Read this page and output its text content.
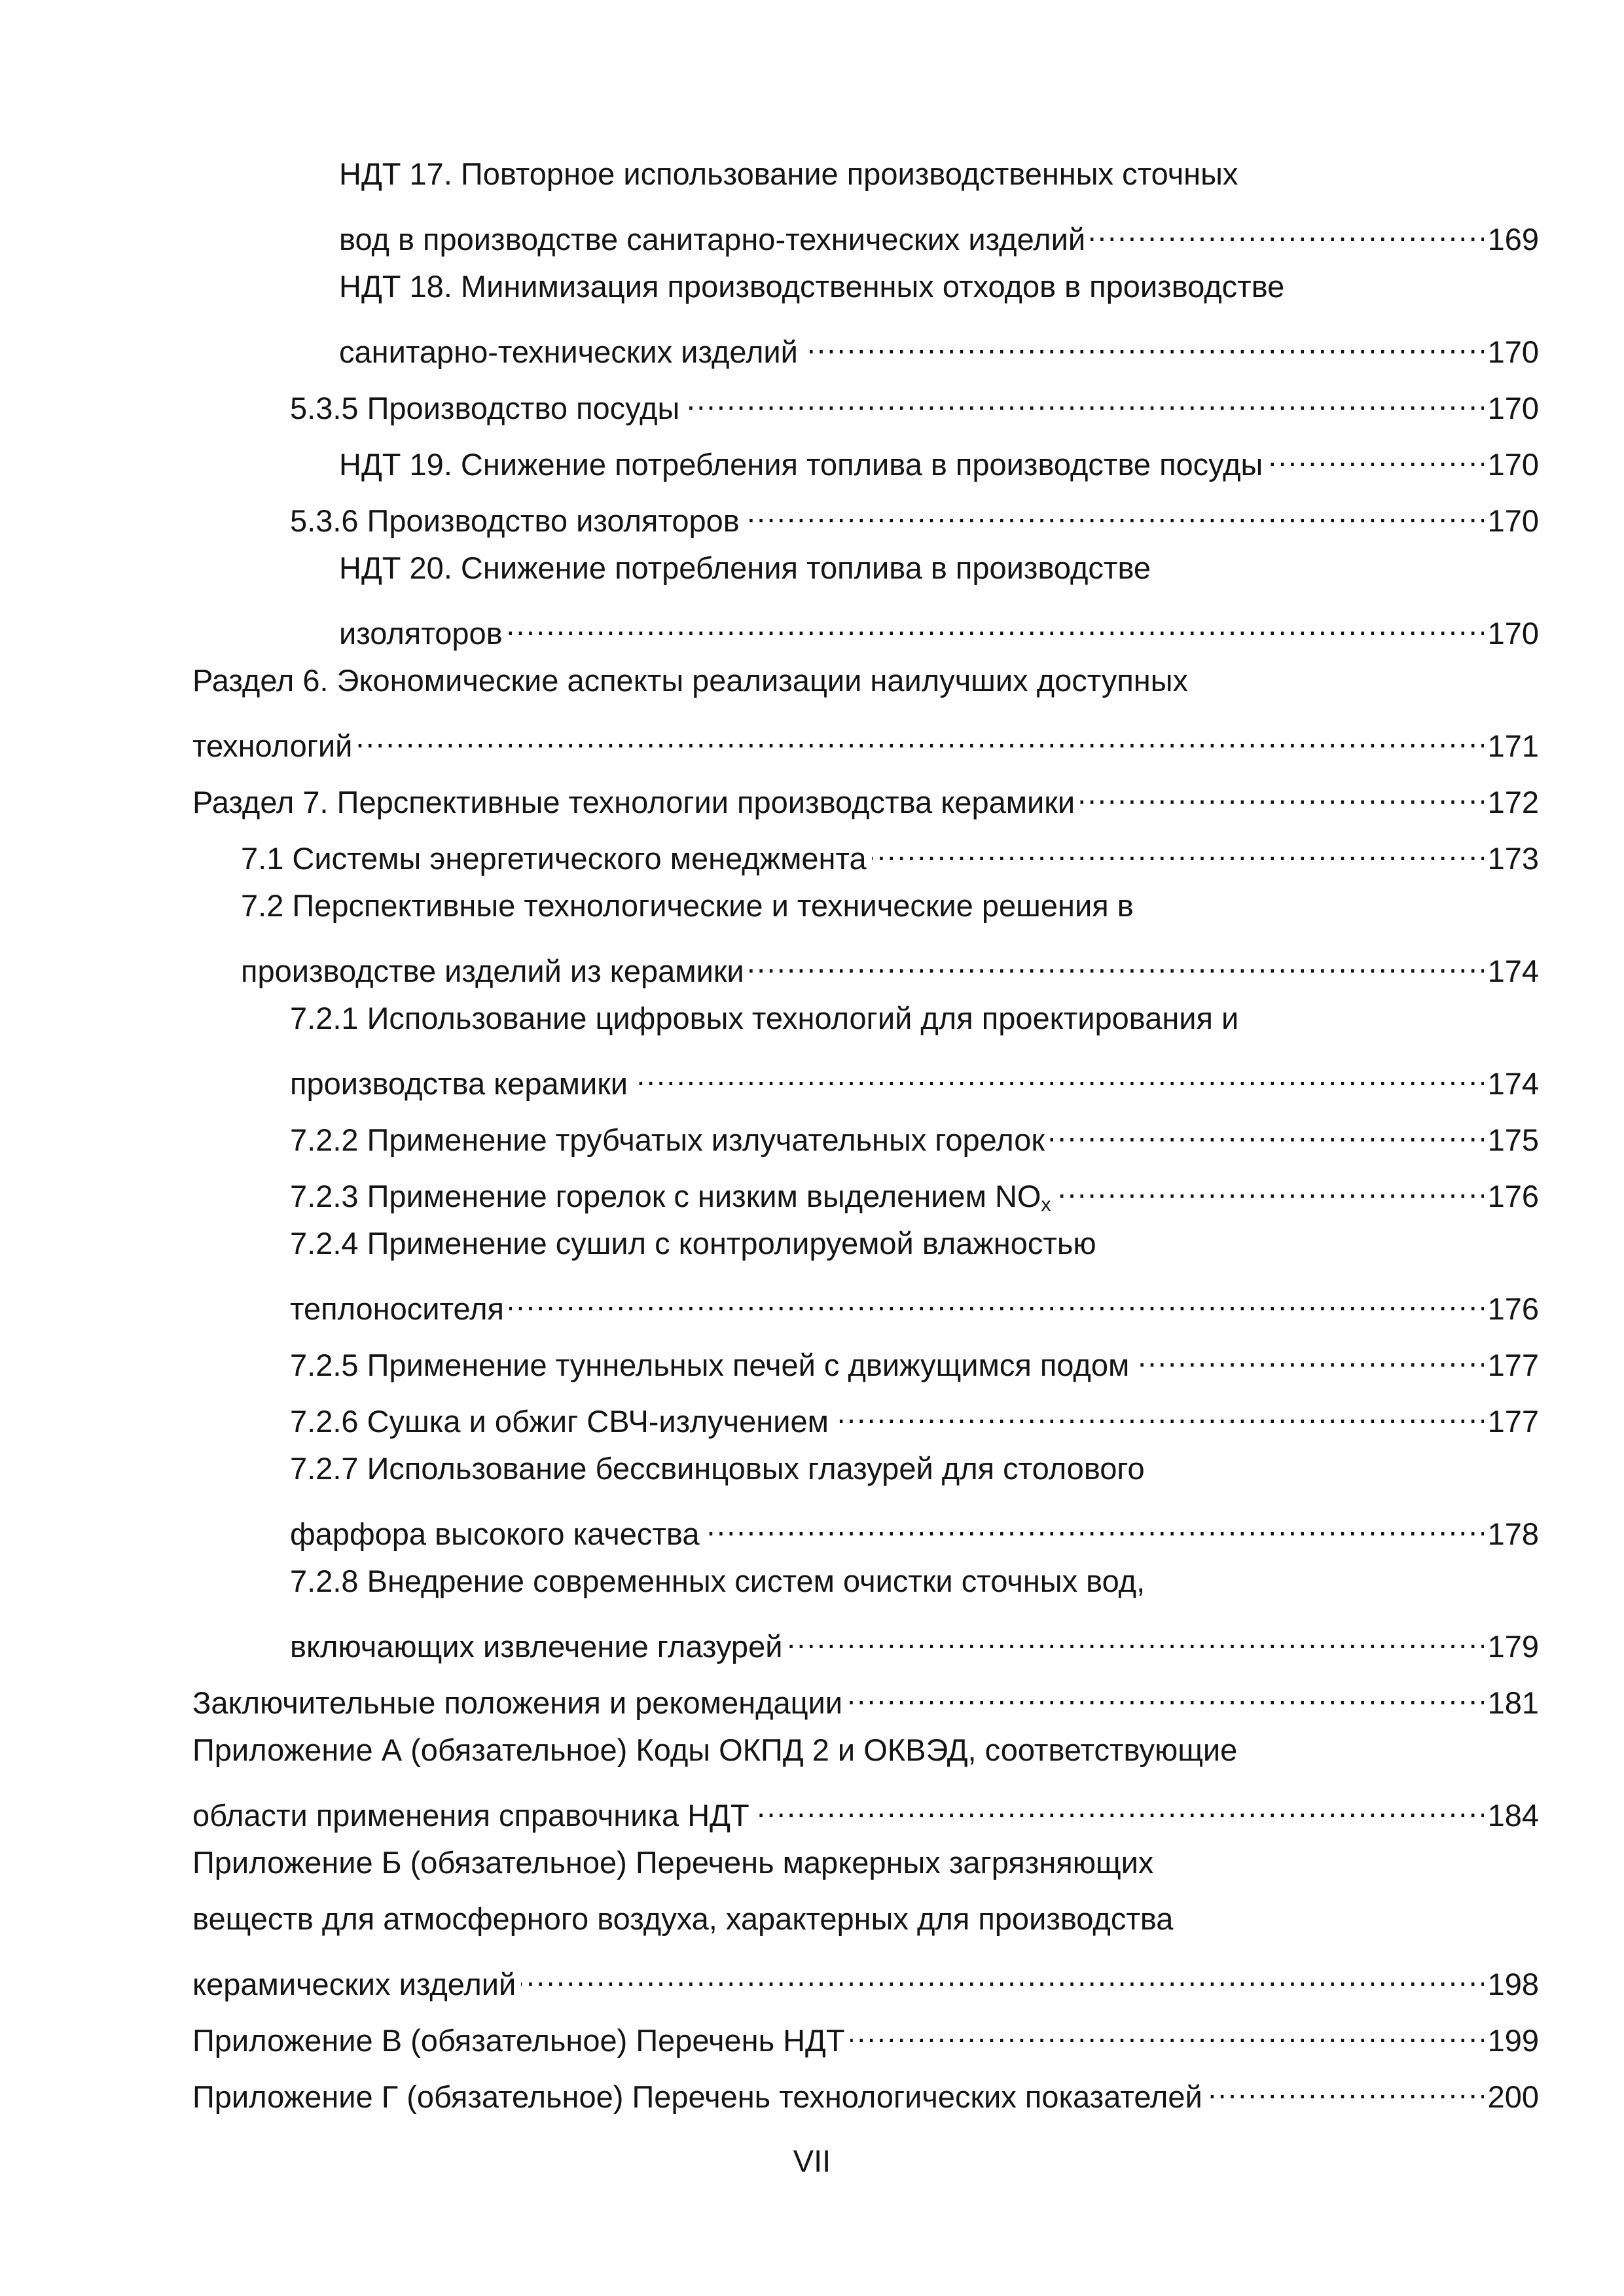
НДТ 17. Повторное использование производственных сточных
вод в производстве санитарно-технических изделий . . .	169
НДТ 18. Минимизация производственных отходов в производстве
санитарно-технических изделий . . .	170
5.3.5 Производство посуды . . .	170
НДТ 19. Снижение потребления топлива в производстве посуды . . .	170
5.3.6 Производство изоляторов . . .	170
НДТ 20. Снижение потребления топлива в производстве
изоляторов . . .	170
Раздел 6. Экономические аспекты реализации наилучших доступных
технологий . . .	171
Раздел 7. Перспективные технологии производства керамики . . .	172
7.1 Системы энергетического менеджмента . . .	173
7.2 Перспективные технологические и технические решения в
производстве изделий из керамики . . .	174
7.2.1 Использование цифровых технологий для проектирования и
производства керамики . . .	174
7.2.2 Применение трубчатых излучательных горелок . . .	175
7.2.3 Применение горелок с низким выделением $NO_x$ . . .	176
7.2.4 Применение сушил с контролируемой влажностью
теплоносителя . . .	176
7.2.5 Применение туннельных печей с движущимся подом . . .	177
7.2.6 Сушка и обжиг СВЧ-излучением . . .	177
7.2.7 Использование бессвинцовых глазурей для столового
фарфора высокого качества . . .	178
7.2.8 Внедрение современных систем очистки сточных вод,
включающих извлечение глазурей . . .	179
Заключительные положения и рекомендации . . .	181
Приложение А (обязательное) Коды ОКПД 2 и ОКВЭД, соответствующие
области применения справочника НДТ . . .	184
Приложение Б (обязательное) Перечень маркерных загрязняющих
веществ для атмосферного воздуха, характерных для производства
керамических изделий . . .	198
Приложение В (обязательное) Перечень НДТ . . .	199
Приложение Г (обязательное) Перечень технологических показателей . . .	200
VII
